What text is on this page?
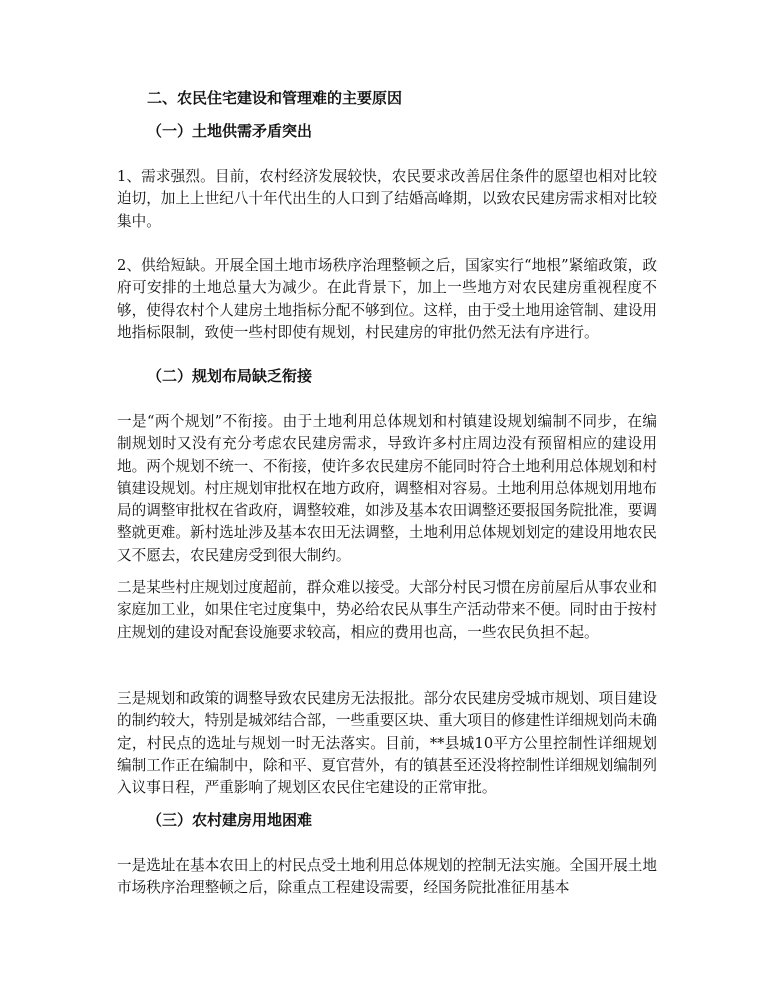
二、农民住宅建设和管理难的主要原因
（一）土地供需矛盾突出

1、需求强烈。目前，农村经济发展较快，农民要求改善居住条件的愿望也相对比较迫切，加上上世纪八十年代出生的人口到了结婚高峰期，以致农民建房需求相对比较集中。

2、供给短缺。开展全国土地市场秩序治理整顿之后，国家实行“地根”紧缩政策，政府可安排的土地总量大为减少。在此背景下，加上一些地方对农民建房重视程度不够，使得农村个人建房土地指标分配不够到位。这样，由于受土地用途管制、建设用地指标限制，致使一些村即使有规划，村民建房的审批仍然无法有序进行。

（二）规划布局缺乏衔接

一是“两个规划”不衔接。由于土地利用总体规划和村镇建设规划编制不同步，在编制规划时又没有充分考虑农民建房需求，导致许多村庄周边没有预留相应的建设用地。两个规划不统一、不衔接，使许多农民建房不能同时符合土地利用总体规划和村镇建设规划。村庄规划审批权在地方政府，调整相对容易。土地利用总体规划用地布局的调整审批权在省政府，调整较难，如涉及基本农田调整还要报国务院批准，要调整就更难。新村选址涉及基本农田无法调整，土地利用总体规划划定的建设用地农民又不愿去，农民建房受到很大制约。

二是某些村庄规划过度超前，群众难以接受。大部分村民习惯在房前屋后从事农业和家庭加工业，如果住宅过度集中，势必给农民从事生产活动带来不便。同时由于按村庄规划的建设对配套设施要求较高，相应的费用也高，一些农民负担不起。

三是规划和政策的调整导致农民建房无法报批。部分农民建房受城市规划、项目建设的制约较大，特别是城郊结合部，一些重要区块、重大项目的修建性详细规划尚未确定，村民点的选址与规划一时无法落实。目前，**县城10平方公里控制性详细规划编制工作正在编制中，除和平、夏官营外，有的镇甚至还没将控制性详细规划编制列入议事日程，严重影响了规划区农民住宅建设的正常审批。

（三）农村建房用地困难

一是选址在基本农田上的村民点受土地利用总体规划的控制无法实施。全国开展土地市场秩序治理整顿之后，除重点工程建设需要，经国务院批准征用基本
